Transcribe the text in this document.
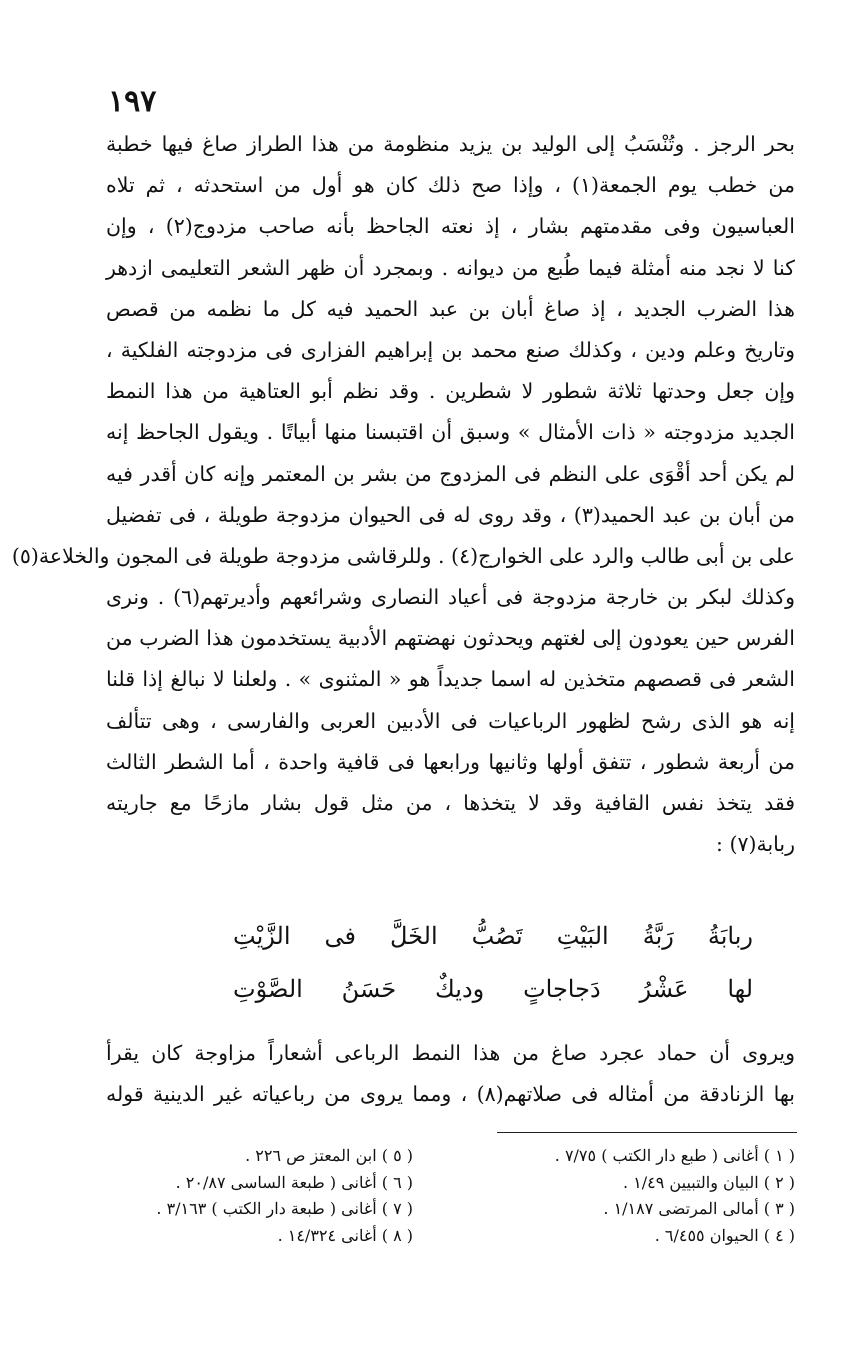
١٩٧
بحر الرجز . وتُنْسَبُ إلى الوليد بن يزيد منظومة من هذا الطراز صاغ فيها خطبة
من خطب يوم الجمعة(١) ، وإذا صح ذلك كان هو أول من استحدثه ، ثم تلاه
العباسيون وفى مقدمتهم بشار ، إذ نعته الجاحظ بأنه صاحب مزدوج(٢) ، وإن
كنا لا نجد منه أمثلة فيما طُبع من ديوانه . وبمجرد أن ظهر الشعر التعليمى ازدهر
هذا الضرب الجديد ، إذ صاغ أبان بن عبد الحميد فيه كل ما نظمه من قصص
وتاريخ وعلم ودين ، وكذلك صنع محمد بن إبراهيم الفزارى فى مزدوجته الفلكية ،
وإن جعل وحدتها ثلاثة شطور لا شطرين . وقد نظم أبو العتاهية من هذا النمط
الجديد مزدوجته « ذات الأمثال » وسبق أن اقتبسنا منها أبياتًا . ويقول الجاحظ إنه
لم يكن أحد أقْوَى على النظم فى المزدوج من بشر بن المعتمر وإنه كان أقدر فيه
من أبان بن عبد الحميد(٣) ، وقد روى له فى الحيوان مزدوجة طويلة ، فى تفضيل
على بن أبى طالب والرد على الخوارج(٤) . وللرقاشى مزدوجة طويلة فى المجون والخلاعة(٥)
وكذلك لبكر بن خارجة مزدوجة فى أعياد النصارى وشرائعهم وأديرتهم(٦) . ونرى
الفرس حين يعودون إلى لغتهم ويحدثون نهضتهم الأدبية يستخدمون هذا الضرب من
الشعر فى قصصهم متخذين له اسما جديداً هو « المثنوى » . ولعلنا لا نبالغ إذا قلنا
إنه هو الذى رشح لظهور الرباعيات فى الأدبين العربى والفارسى ، وهى تتألف
من أربعة شطور ، تتفق أولها وثانيها ورابعها فى قافية واحدة ، أما الشطر الثالث
فقد يتخذ نفس القافية وقد لا يتخذها ، من مثل قول بشار مازحًا مع جاريته
ربابة(٧) :
ربابَةُ
رَبَّةُ
البَيْتِ
تَصُبُّ
الخَلَّ
فى
الزَّيْتِ
لها
عَشْرُ
دَجاجاتٍ
وديكٌ
حَسَنُ
الصَّوْتِ
ويروى أن حماد عجرد صاغ من هذا النمط الرباعى أشعاراً مزاوجة كان يقرأ
بها الزنادقة من أمثاله فى صلاتهم(٨) ، ومما يروى من رباعياته غير الدينية قوله
( ١ ) أغانى ( طبع دار الكتب ) ٧/٧٥ .
( ٢ ) البيان والتبيين ١/٤٩ .
( ٣ ) أمالى المرتضى ١/١٨٧ .
( ٤ ) الحيوان ٦/٤٥٥ .
( ٥ ) ابن المعتز ص ٢٢٦ .
( ٦ ) أغانى ( طبعة الساسى ٢٠/٨٧ .
( ٧ ) أغانى ( طبعة دار الكتب ) ٣/١٦٣ .
( ٨ ) أغانى ١٤/٣٢٤ .
